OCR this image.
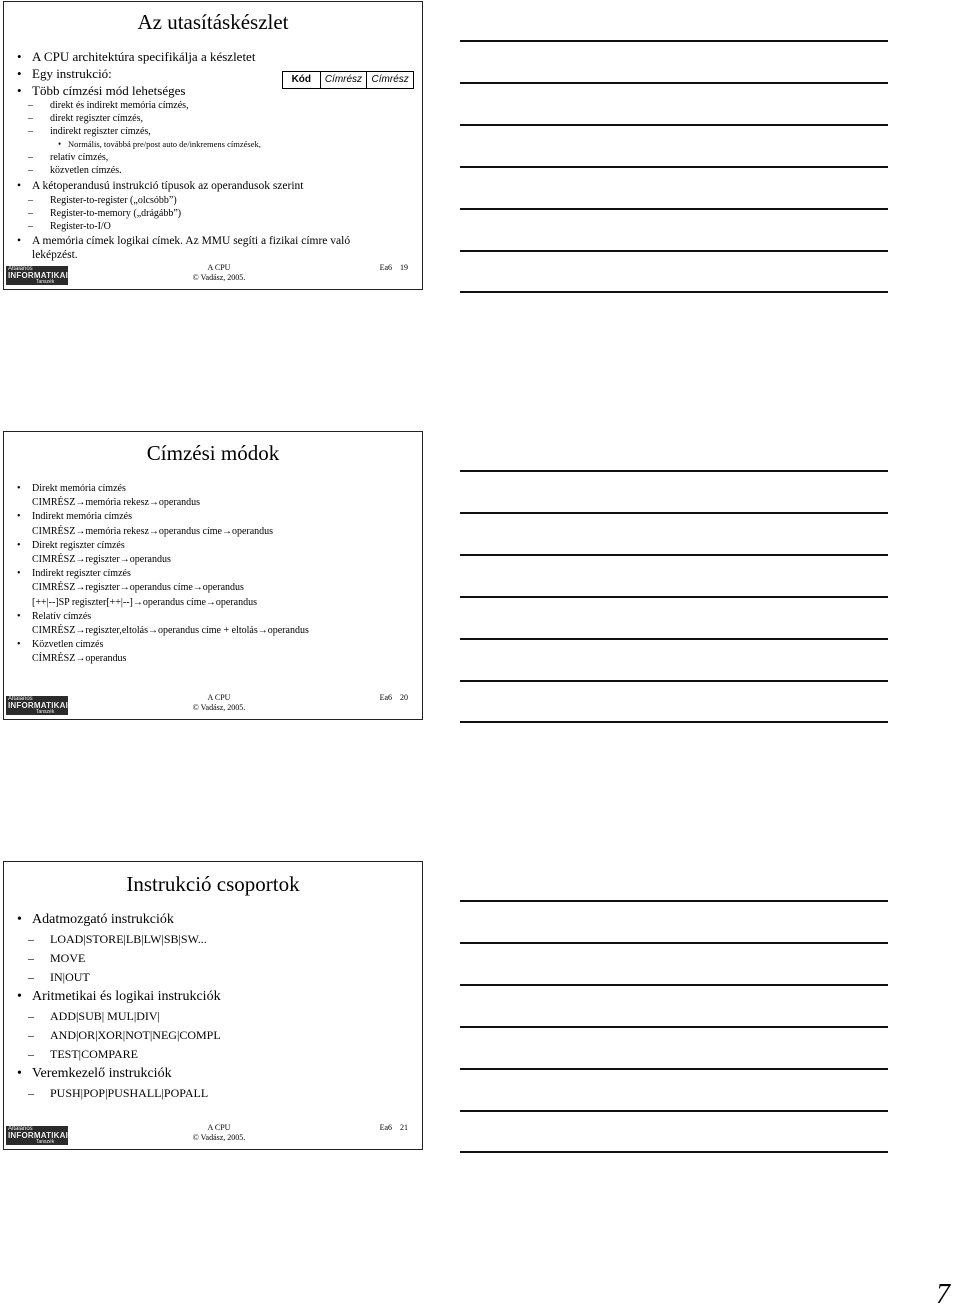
Az utasításkészlet
Kód	Címrész Címrész
• A CPU architektúra specifikálja a készletet
• Egy instrukció:
• Több címzési mód lehetséges
– direkt és indirekt memória címzés,
– direkt regiszter címzés,
– indirekt regiszter címzés,
• Normális, továbbá pre/post auto de/inkremens címzések,
– relatív címzés,
– közvetlen címzés.
• A kétoperandusú instrukció típusok az operandusok szerint
– Register-to-register („olcsóbb”)
– Register-to-memory („drágább”)
– Register-to-I/O
• A memória címek logikai címek. Az MMU segíti a fizikai címre való
leképzést.
Általános
INFORMATIKAI
Tanszék
A CPU
© Vadász, 2005.
Ea6 19
Címzési módok
• Direkt memória címzés
CIMRÉSZ→memória rekesz→operandus
• Indirekt memória címzés
CIMRÉSZ→memória rekesz→operandus címe→operandus
• Direkt regiszter címzés
CIMRÉSZ→regiszter→operandus
• Indirekt regiszter címzés
CIMRÉSZ→regiszter→operandus címe→operandus
[++|--]SP regiszter[++|--]→operandus címe→operandus
• Relatív címzés
CIMRÉSZ→regiszter,eltolás→operandus címe + eltolás→operandus
• Közvetlen címzés
CÍMRÉSZ→operandus
Általános
INFORMATIKAI
Tanszék
A CPU
© Vadász, 2005.
Ea6 20
Instrukció csoportok
• Adatmozgató instrukciók
– LOAD|STORE|LB|LW|SB|SW...
– MOVE
– IN|OUT
• Aritmetikai és logikai instrukciók
– ADD|SUB| MUL|DIV|
– AND|OR|XOR|NOT|NEG|COMPL
– TEST|COMPARE
• Veremkezelő instrukciók
– PUSH|POP|PUSHALL|POPALL
Általános
INFORMATIKAI
Tanszék
A CPU
© Vadász, 2005.
Ea6 21
7
